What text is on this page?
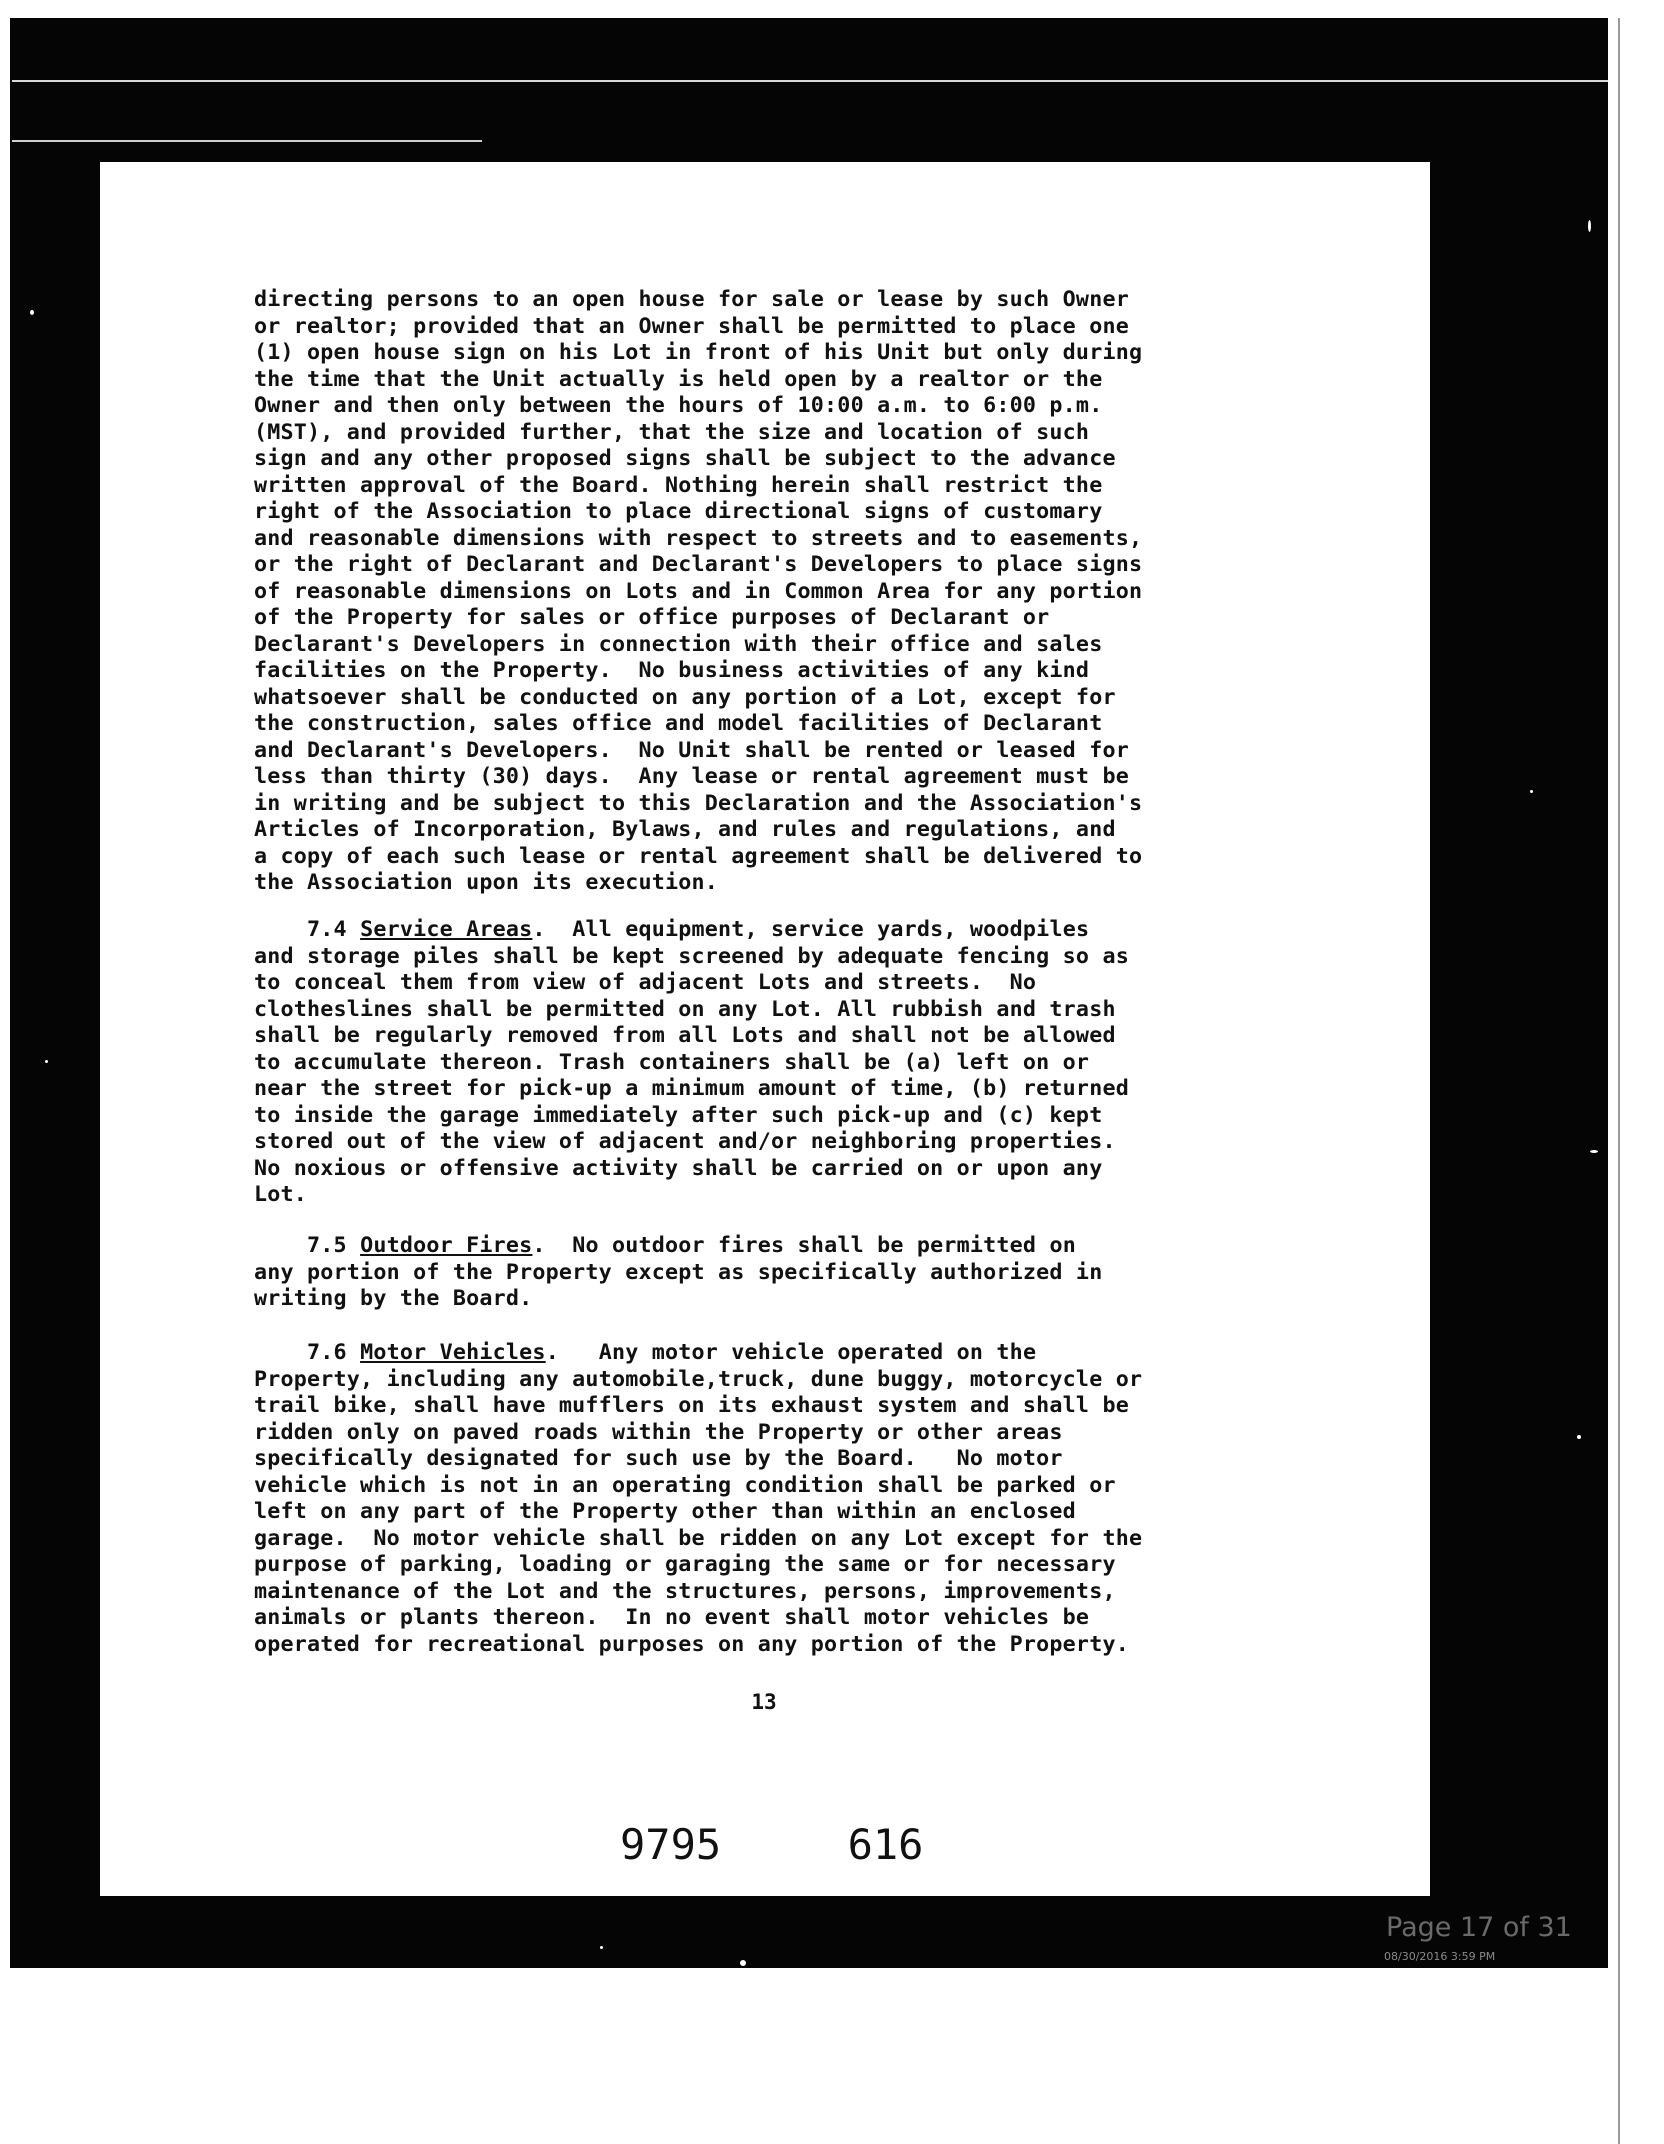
directing persons to an open house for sale or lease by such Owner
or realtor; provided that an Owner shall be permitted to place one
(1) open house sign on his Lot in front of his Unit but only during
the time that the Unit actually is held open by a realtor or the
Owner and then only between the hours of 10:00 a.m. to 6:00 p.m.
(MST), and provided further, that the size and location of such
sign and any other proposed signs shall be subject to the advance
written approval of the Board. Nothing herein shall restrict the
right of the Association to place directional signs of customary
and reasonable dimensions with respect to streets and to easements,
or the right of Declarant and Declarant's Developers to place signs
of reasonable dimensions on Lots and in Common Area for any portion
of the Property for sales or office purposes of Declarant or
Declarant's Developers in connection with their office and sales
facilities on the Property.  No business activities of any kind
whatsoever shall be conducted on any portion of a Lot, except for
the construction, sales office and model facilities of Declarant
and Declarant's Developers.  No Unit shall be rented or leased for
less than thirty (30) days.  Any lease or rental agreement must be
in writing and be subject to this Declaration and the Association's
Articles of Incorporation, Bylaws, and rules and regulations, and
a copy of each such lease or rental agreement shall be delivered to
the Association upon its execution.
7.4 Service Areas.  All equipment, service yards, woodpiles
and storage piles shall be kept screened by adequate fencing so as
to conceal them from view of adjacent Lots and streets.  No
clotheslines shall be permitted on any Lot. All rubbish and trash
shall be regularly removed from all Lots and shall not be allowed
to accumulate thereon. Trash containers shall be (a) left on or
near the street for pick-up a minimum amount of time, (b) returned
to inside the garage immediately after such pick-up and (c) kept
stored out of the view of adjacent and/or neighboring properties.
No noxious or offensive activity shall be carried on or upon any
Lot.
7.5 Outdoor Fires.  No outdoor fires shall be permitted on
any portion of the Property except as specifically authorized in
writing by the Board.
7.6 Motor Vehicles.   Any motor vehicle operated on the
Property, including any automobile,truck, dune buggy, motorcycle or
trail bike, shall have mufflers on its exhaust system and shall be
ridden only on paved roads within the Property or other areas
specifically designated for such use by the Board.   No motor
vehicle which is not in an operating condition shall be parked or
left on any part of the Property other than within an enclosed
garage.  No motor vehicle shall be ridden on any Lot except for the
purpose of parking, loading or garaging the same or for necessary
maintenance of the Lot and the structures, persons, improvements,
animals or plants thereon.  In no event shall motor vehicles be
operated for recreational purposes on any portion of the Property.
13
9795	616
Page 17 of 31
08/30/2016 3:59 PM
